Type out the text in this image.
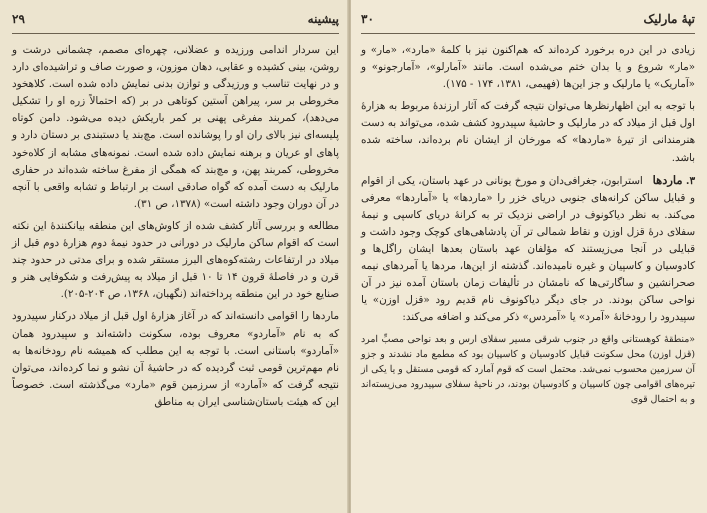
پیشینه
۲۹

این سردار اندامی ورزیده و عضلانی، چهره‌ای مصمم، چشمانی درشت و روشن، بینی کشیده و عقابی، دهان موزون، و صورت صاف و تراشیده‌ای دارد و در نهایت تناسب و ورزیدگی و توازن بدنی نمایش داده شده است. کلاهخود مخروطی بر سر، پیراهن آستین کوتاهی در بر (که احتمالاً زره او را تشکیل می‌دهد)، کمربند مفرغی پهنی بر کمر باریکش دیده می‌شود. دامن کوتاه پلیسه‌ای نیز بالای ران او را پوشانده است. مچ‌بند یا دستبندی بر دستان دارد و پاهای او عریان و برهنه نمایش داده شده است. نمونه‌های مشابه از کلاه‌خود مخروطی، کمربند پهن، و مچ‌بند که همگی از مفرغ ساخته شده‌اند در حفاری مارلیک به دست آمده که گواه صادقی است بر ارتباط و تشابه واقعی با آنچه در آن دوران وجود داشته است» (۱۳۷۸، ص ۳۱).

مطالعه و بررسی آثار کشف شده از کاوش‌های این منطقه بیانکنندهٔ این نکته است که اقوام ساکن مارلیک در دورانی در حدود نیمهٔ دوم هزارهٔ دوم قبل از میلاد در ارتفاعات رشته‌کوه‌های البرز مستقر شده و برای مدتی در حدود چند قرن و در فاصلهٔ قرون ۱۴ تا ۱۰ قبل از میلاد به پیش‌رفت و شکوفایی هنر و صنایع خود در این منطقه پرداخته‌اند (نگهبان، ۱۳۶۸، ص ۲۰۴-۲۰۵).

ماردها را اقوامی دانسته‌اند که در آغاز هزارهٔ اول قبل از میلاد درکنار سپیدرود که به نام «آماردو» معروف بوده، سکونت داشته‌اند و سپیدرود همان «آماردو» باستانی است. با توجه به این مطلب که همیشه نام رودخانه‌ها به نام مهم‌ترین قومی ثبت گردیده که در حاشیهٔ آن نشو و نما کرده‌اند، می‌توان نتیجه گرفت که «آمارد» از سرزمین قوم «مارد» می‌گذشته است. خصوصاً این که هیئت باستان‌شناسی ایران به مناطق

تپهٔ مارلیک
۳۰

زیادی در این دره برخورد کرده‌اند که هم‌اکنون نیز با کلمهٔ «مارد»، «مار» و «مار» شروع و یا بدان ختم می‌شده است. مانند «آمارلو»، «آمارجونو» و «آماریک» یا مارلیک و جز این‌ها (فهیمی، ۱۳۸۱، ۱۷۴ - ۱۷۵).

با توجه به این اظهارنظرها می‌توان نتیجه گرفت که آثار ارزندهٔ مربوط به هزارهٔ اول قبل از میلاد که در مارلیک و حاشیهٔ سپیدرود کشف شده، می‌تواند به دست هنرمندانی از تیرهٔ «ماردها» که مورخان از ایشان نام برده‌اند، ساخته شده باشد.

۳. ماردها   استرابون، جغرافی‌دان و مورخ یونانی در عهد باستان، یکی از اقوام و قبایل ساکن کرانه‌های جنوبی دریای خزر را «ماردها» یا «آماردها» معرفی می‌کند. به نظر دیاکونوف در اراضی نزدیک تر به کرانهٔ دریای کاسپی و نیمهٔ سفلای درهٔ قزل اوزن و نقاط شمالی تر آن پادشاهی‌های کوچک وجود داشت و قبایلی در آنجا می‌زیستند که مؤلفان عهد باستان بعدها ایشان راگل‌ها و کادوسیان و کاسپیان و غیره نامیده‌اند. گذشته از این‌ها، مردها یا آمردهای نیمه صحرانشین و ساگارتی‌ها که نامشان در تألیفات زمان باستان آمده نیز در آن نواحی ساکن بودند. در جای دیگر دیاکونوف نام قدیم رود «قزل اوزن» یا سپیدرود را رودخانهٔ «آمرد» یا «آمردس» ذکر می‌کند و اضافه می‌کند:

«منطقهٔ کوهستانی واقع در جنوب شرقی مسیر سفلای ارس و بعد نواحی مصبِّ امرد (قزل اوزن) محل سکونت قبایل کادوسیان و کاسپیان بود که مطمع ماد نشدند و جزو آن سرزمین محسوب نمی‌شد. محتمل است که قوم آمارد که قومی مستقل و یا یکی از تیره‌های اقوامی چون کاسپیان و کادوسیان بودند، در ناحیهٔ سفلای سپیدرود می‌زیسته‌اند و به احتمال قوی
